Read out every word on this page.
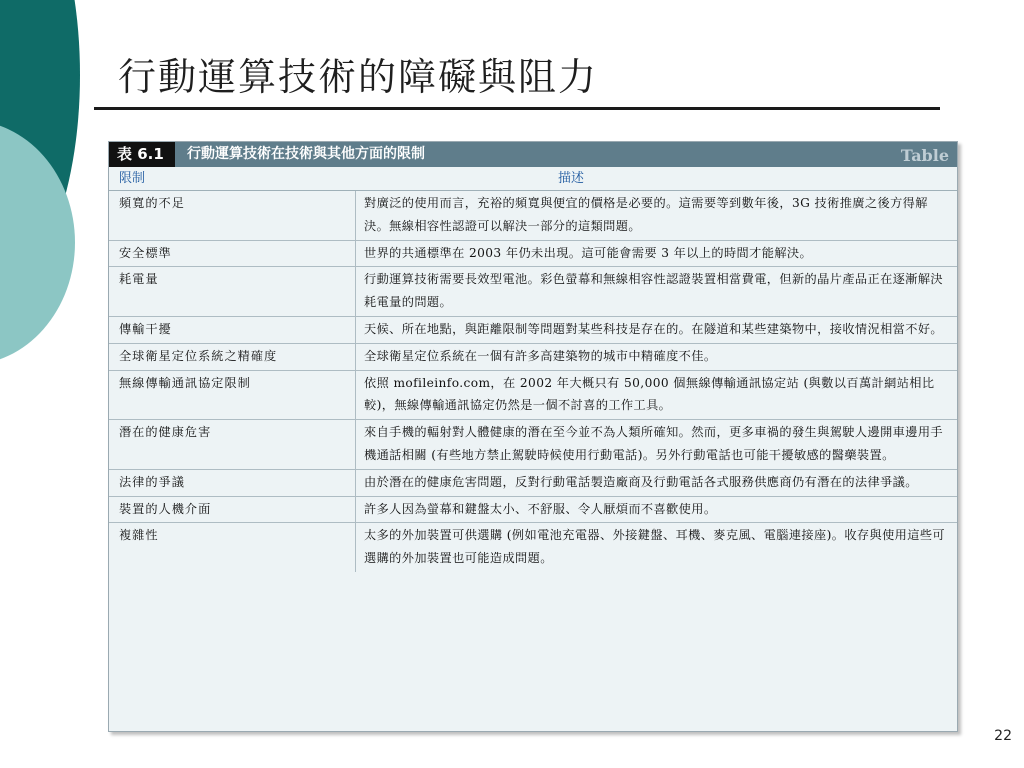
行動運算技術的障礙與阻力
表 6.1	行動運算技術在技術與其他方面的限制	Table
限制	描述
頻寬的不足	對廣泛的使用而言，充裕的頻寬與便宜的價格是必要的。這需要等到數年後，3G 技術推廣之後方得解決。無線相容性認證可以解決一部分的這類問題。
安全標準	世界的共通標準在 2003 年仍未出現。這可能會需要 3 年以上的時間才能解決。
耗電量	行動運算技術需要長效型電池。彩色螢幕和無線相容性認證裝置相當費電，但新的晶片產品正在逐漸解決耗電量的問題。
傳輸干擾	天候、所在地點，與距離限制等問題對某些科技是存在的。在隧道和某些建築物中，接收情況相當不好。
全球衛星定位系統之精確度	全球衛星定位系統在一個有許多高建築物的城市中精確度不佳。
無線傳輸通訊協定限制	依照 mofileinfo.com，在 2002 年大概只有 50,000 個無線傳輸通訊協定站 (與數以百萬計網站相比較)，無線傳輸通訊協定仍然是一個不討喜的工作工具。
潛在的健康危害	來自手機的輻射對人體健康的潛在至今並不為人類所確知。然而，更多車禍的發生與駕駛人邊開車邊用手機通話相關 (有些地方禁止駕駛時候使用行動電話)。另外行動電話也可能干擾敏感的醫藥裝置。
法律的爭議	由於潛在的健康危害問題，反對行動電話製造廠商及行動電話各式服務供應商仍有潛在的法律爭議。
裝置的人機介面	許多人因為螢幕和鍵盤太小、不舒服、令人厭煩而不喜歡使用。
複雜性	太多的外加裝置可供選購 (例如電池充電器、外接鍵盤、耳機、麥克風、電腦連接座)。收存與使用這些可選購的外加裝置也可能造成問題。
22
